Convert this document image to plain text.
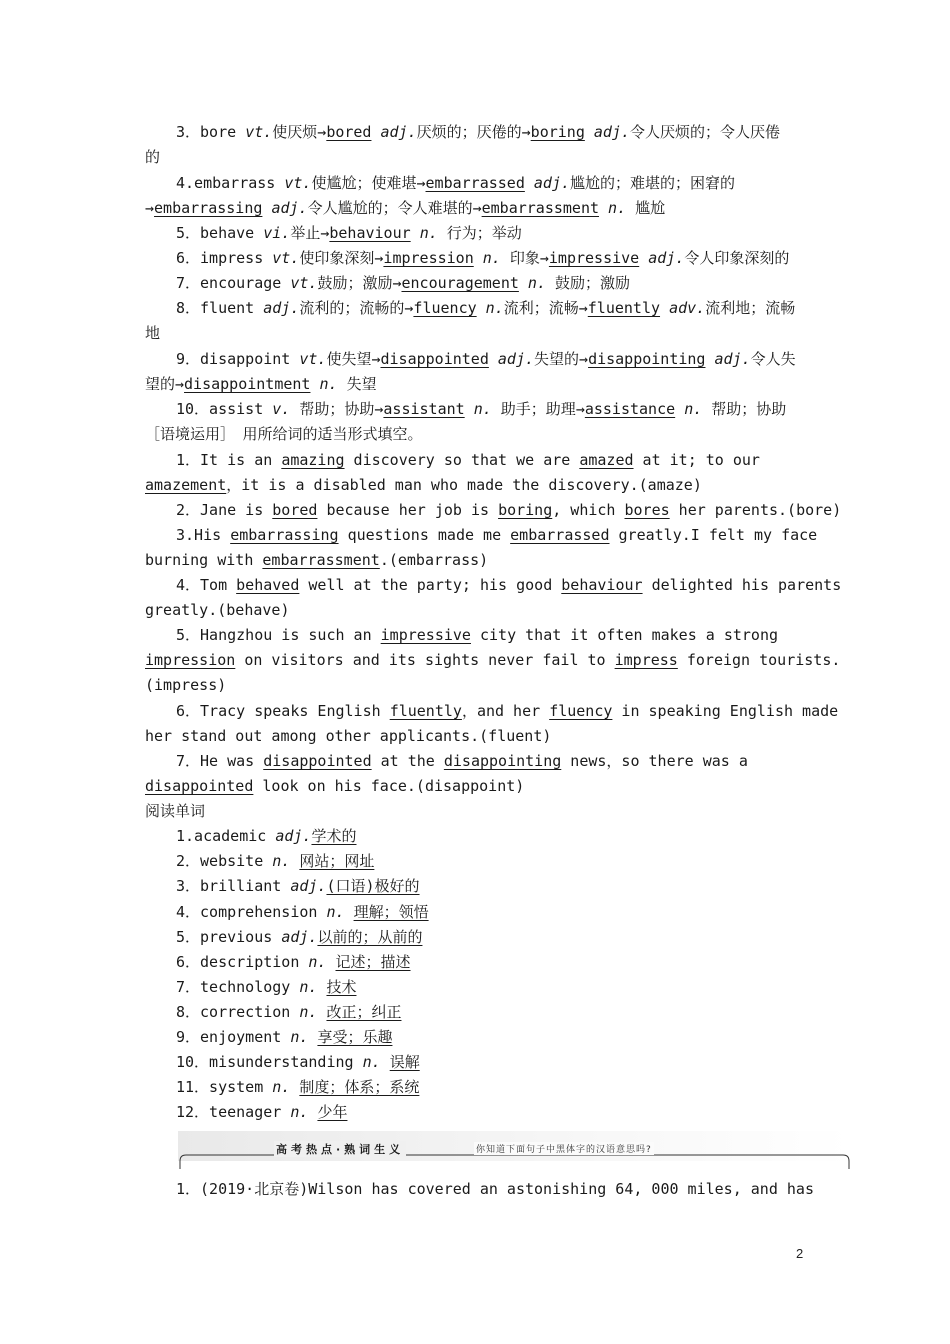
3．bore vt.使厌烦→bored adj.厌烦的；厌倦的→boring adj.令人厌烦的；令人厌倦
的
4.embarrass vt.使尴尬；使难堪→embarrassed adj.尴尬的；难堪的；困窘的
→embarrassing adj.令人尴尬的；令人难堪的→embarrassment n. 尴尬
5．behave vi.举止→behaviour n. 行为；举动
6．impress vt.使印象深刻→impression n. 印象→impressive adj.令人印象深刻的
7．encourage vt.鼓励；激励→encouragement n. 鼓励；激励
8．fluent adj.流利的；流畅的→fluency n.流利；流畅→fluently adv.流利地；流畅
地
9．disappoint vt.使失望→disappointed adj.失望的→disappointing adj.令人失
望的→disappointment n. 失望
10．assist v. 帮助；协助→assistant n. 助手；助理→assistance n. 帮助；协助
［语境运用］　用所给词的适当形式填空。
1．It is an amazing discovery so that we are amazed at it; to our
amazement，it is a disabled man who made the discovery.(amaze)
2．Jane is bored because her job is boring, which bores her parents.(bore)
3.His embarrassing questions made me embarrassed greatly.I felt my face
burning with embarrassment.(embarrass)
4．Tom behaved well at the party; his good behaviour delighted his parents
greatly.(behave)
5．Hangzhou is such an impressive city that it often makes a strong
impression on visitors and its sights never fail to impress foreign tourists.
(impress)
6．Tracy speaks English fluently，and her fluency in speaking English made
her stand out among other applicants.(fluent)
7．He was disappointed at the disappointing news，so there was a
disappointed look on his face.(disappoint)
阅读单词
1.academic adj.学术的
2．website n. 网站；网址
3．brilliant adj.(口语)极好的
4．comprehension n. 理解；领悟
5．previous adj.以前的；从前的
6．description n. 记述；描述
7．technology n. 技术
8．correction n. 改正；纠正
9．enjoyment n. 享受；乐趣
10．misunderstanding n. 误解
11．system n. 制度；体系；系统
12．teenager n. 少年
1．(2019·北京卷)Wilson has covered an astonishing 64, 000 miles, and has
高考热点·熟词生义	你知道下面句子中黑体字的汉语意思吗?
2
